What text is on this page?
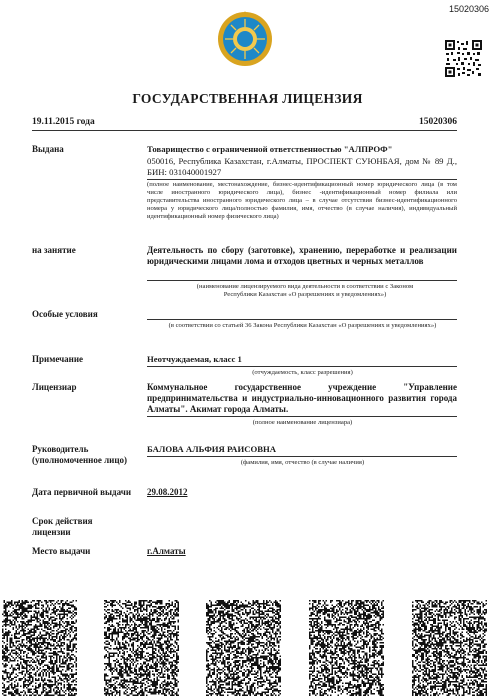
15020306
ГОСУДАРСТВЕННАЯ ЛИЦЕНЗИЯ
19.11.2015 года	15020306
Выдана	Товарищество с ограниченной ответственностью "АЛПРОФ"
050016, Республика Казахстан, г.Алматы, ПРОСПЕКТ СУЮНБАЯ, дом № 89 Д., БИН: 031040001927
(полное наименование, местонахождение, бизнес-идентификационный номер юридического лица (в том числе иностранного юридического лица), бизнес -идентификационный номер филиала или представительства иностранного юридического лица – в случае отсутствия бизнес-идентификационного номера у юридического лица/полностью фамилия, имя, отчество (в случае наличия), индивидуальный идентификационный номер физического лица)
на занятие	Деятельность по сбору (заготовке), хранению, переработке и реализации юридическими лицами лома и отходов цветных и черных металлов
(наименование лицензируемого вида деятельности в соответствии с Законом Республики Казахстан «О разрешениях и уведомлениях»)
Особые условия
(в соответствии со статьей 36 Закона Республики Казахстан «О разрешениях и уведомлениях»)
Примечание	Неотчуждаемая, класс 1
(отчуждаемость, класс разрешения)
Лицензиар	Коммунальное государственное учреждение "Управление предпринимательства и индустриально-инновационного развития города Алматы". Акимат города Алматы.
(полное наименование лицензиара)
Руководитель
(уполномоченное лицо)
БАЛОВА АЛЬФИЯ РАИСОВНА
(фамилия, имя, отчество (в случае наличия)
Дата первичной выдачи 29.08.2012
Срок действия
лицензии
Место выдачи	г.Алматы
